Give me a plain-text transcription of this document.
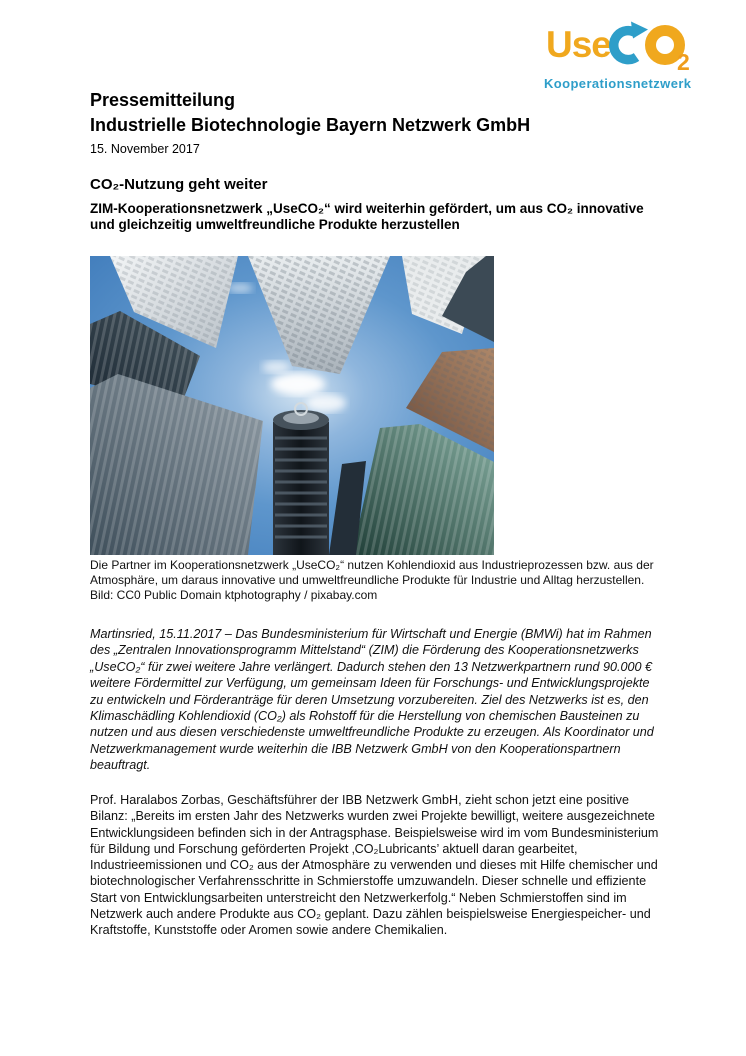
Use	2
Kooperationsnetzwerk
Pressemitteilung
Industrielle Biotechnologie Bayern Netzwerk GmbH
15. November 2017
CO₂-Nutzung geht weiter
ZIM-Kooperationsnetzwerk „UseCO₂“ wird weiterhin gefördert, um aus CO₂ innovative und gleichzeitig umweltfreundliche Produkte herzustellen
Die Partner im Kooperationsnetzwerk „UseCO₂“ nutzen Kohlendioxid aus Industrieprozessen bzw. aus der Atmosphäre, um daraus innovative und umweltfreundliche Produkte für Industrie und Alltag herzustellen. Bild: CC0 Public Domain ktphotography / pixabay.com

Martinsried, 15.11.2017 – Das Bundesministerium für Wirtschaft und Energie (BMWi) hat im Rahmen des „Zentralen Innovationsprogramm Mittelstand“ (ZIM) die Förderung des Kooperationsnetzwerks „UseCO₂“ für zwei weitere Jahre verlängert. Dadurch stehen den 13 Netzwerkpartnern rund 90.000 € weitere Fördermittel zur Verfügung, um gemeinsam Ideen für Forschungs- und Entwicklungsprojekte zu entwickeln und Förderanträge für deren Umsetzung vorzubereiten. Ziel des Netzwerks ist es, den Klimaschädling Kohlendioxid (CO₂) als Rohstoff für die Herstellung von chemischen Bausteinen zu nutzen und aus diesen verschiedenste umweltfreundliche Produkte zu erzeugen. Als Koordinator und Netzwerkmanagement wurde weiterhin die IBB Netzwerk GmbH von den Kooperationspartnern beauftragt.

Prof. Haralabos Zorbas, Geschäftsführer der IBB Netzwerk GmbH, zieht schon jetzt eine positive Bilanz: „Bereits im ersten Jahr des Netzwerks wurden zwei Projekte bewilligt, weitere ausgezeichnete Entwicklungsideen befinden sich in der Antragsphase. Beispielsweise wird im vom Bundesministerium für Bildung und Forschung geförderten Projekt ‚CO₂Lubricants’ aktuell daran gearbeitet, Industrieemissionen und CO₂ aus der Atmosphäre zu verwenden und dieses mit Hilfe chemischer und biotechnologischer Verfahrensschritte in Schmierstoffe umzuwandeln. Dieser schnelle und effiziente Start von Entwicklungsarbeiten unterstreicht den Netzwerkerfolg.“ Neben Schmierstoffen sind im Netzwerk auch andere Produkte aus CO₂ geplant. Dazu zählen beispielsweise Energiespeicher- und Kraftstoffe, Kunststoffe oder Aromen sowie andere Chemikalien.
